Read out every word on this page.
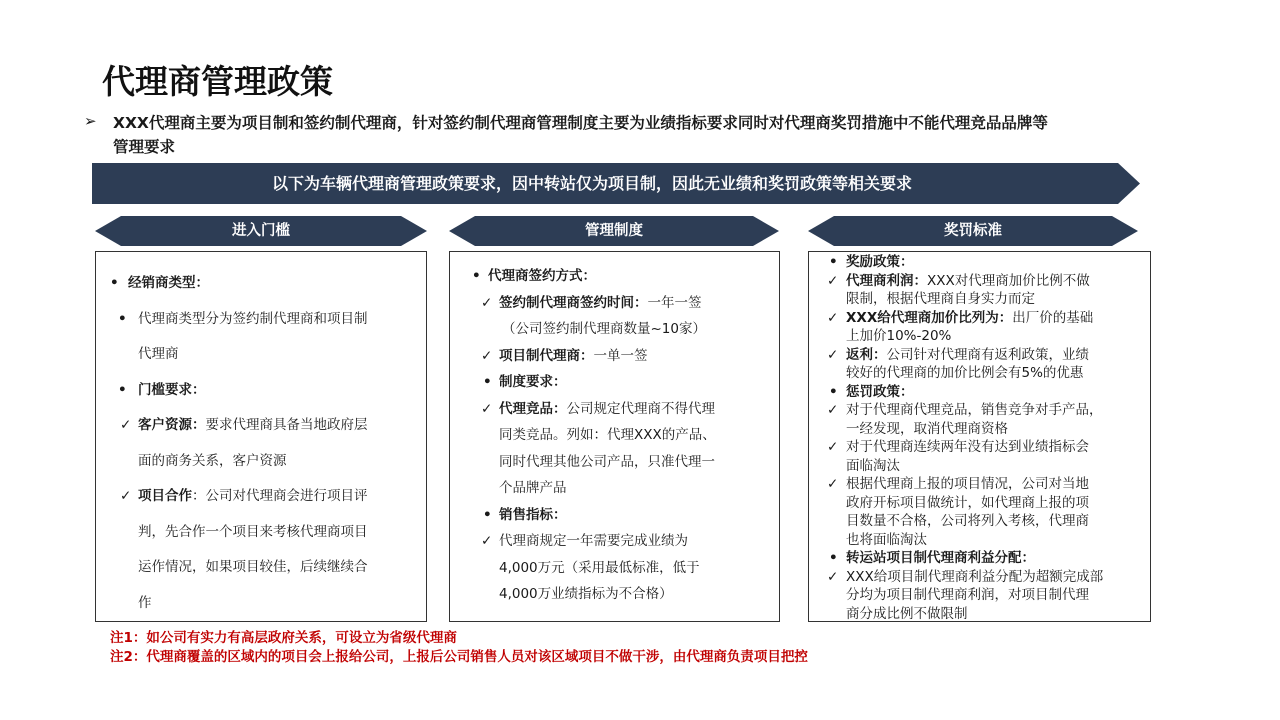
代理商管理政策
➢ XXX代理商主要为项目制和签约制代理商，针对签约制代理商管理制度主要为业绩指标要求同时对代理商奖罚措施中不能代理竞品品牌等
管理要求
以下为车辆代理商管理政策要求，因中转站仅为项目制，因此无业绩和奖罚政策等相关要求
进入门槛
• 经销商类型：
• 代理商类型分为签约制代理商和项目制
代理商
• 门槛要求：
✓ 客户资源：要求代理商具备当地政府层
面的商务关系，客户资源
✓ 项目合作：公司对代理商会进行项目评
判，先合作一个项目来考核代理商项目
运作情况，如果项目较佳，后续继续合
作
管理制度
• 代理商签约方式：
✓ 签约制代理商签约时间：一年一签
（公司签约制代理商数量~10家）
✓ 项目制代理商：一单一签
• 制度要求：
✓ 代理竞品：公司规定代理商不得代理
同类竞品。列如：代理XXX的产品、
同时代理其他公司产品，只准代理一
个品牌产品
• 销售指标：
✓ 代理商规定一年需要完成业绩为
4,000万元（采用最低标准，低于
4,000万业绩指标为不合格）
奖罚标准
• 奖励政策：
✓ 代理商利润：XXX对代理商加价比例不做
限制，根据代理商自身实力而定
✓ XXX给代理商加价比列为：出厂价的基础
上加价10%-20%
✓ 返利：公司针对代理商有返利政策，业绩
较好的代理商的加价比例会有5%的优惠
• 惩罚政策：
✓ 对于代理商代理竞品，销售竞争对手产品，
一经发现，取消代理商资格
✓ 对于代理商连续两年没有达到业绩指标会
面临淘汰
✓ 根据代理商上报的项目情况，公司对当地
政府开标项目做统计，如代理商上报的项
目数量不合格，公司将列入考核，代理商
也将面临淘汰
• 转运站项目制代理商利益分配：
✓ XXX给项目制代理商利益分配为超额完成部
分均为项目制代理商利润，对项目制代理
商分成比例不做限制
注1：如公司有实力有高层政府关系，可设立为省级代理商
注2：代理商覆盖的区域内的项目会上报给公司，上报后公司销售人员对该区域项目不做干涉，由代理商负责项目把控
